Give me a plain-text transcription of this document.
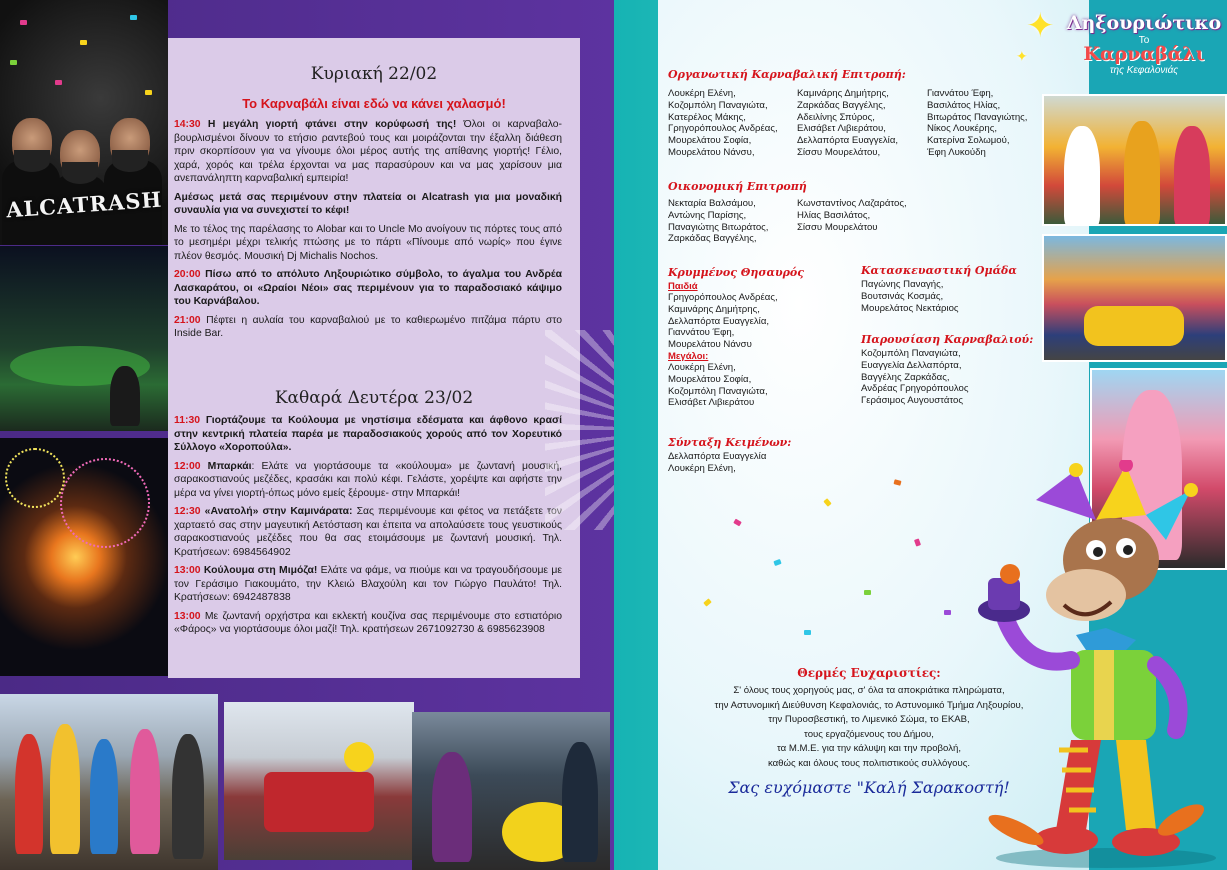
ALCATRASH
Κυριακή 22/02
Το Καρναβάλι είναι εδώ να κάνει χαλασμό!

14:30 Η μεγάλη γιορτή φτάνει στην κορύφωσή της! Όλοι οι καρναβαλο-βουρλισμένοι δίνουν το ετήσιο ραντεβού τους και μοιράζονται την έξαλλη διάθεση πριν σκορπίσουν για να γίνουμε όλοι μέρος αυτής της απίθανης γιορτής! Γέλιο, χαρά, χορός και τρέλα έρχονται να μας παρασύρουν και να μας χαρίσουν μια ανεπανάληπτη καρναβαλική εμπειρία!

Αμέσως μετά σας περιμένουν στην πλατεία οι Alcatrash για μια μοναδική συναυλία για να συνεχιστεί το κέφι!

Με το τέλος της παρέλασης το Alobar και το Uncle Mo ανοίγουν τις πόρτες τους από το μεσημέρι μέχρι τελικής πτώσης με το πάρτι «Πίνουμε από νωρίς» που έγινε πλέον θεσμός. Μουσική Dj Michalis Nochos.

20:00 Πίσω από το απόλυτο Ληξουριώτικο σύμβολο, το άγαλμα του Ανδρέα Λασκαράτου, οι «Ωραίοι Νέοι» σας περιμένουν για το παραδοσιακό κάψιμο του Καρνάβαλου.

21:00 Πέφτει η αυλαία του καρναβαλιού με το καθιερωμένο πιτζάμα πάρτυ στο Inside Bar.

Καθαρά Δευτέρα 23/02

11:30 Γιορτάζουμε τα Κούλουμα με νηστίσιμα εδέσματα και άφθονο κρασί στην κεντρική πλατεία παρέα με παραδοσιακούς χορούς από τον Χορευτικό Σύλλογο «Χοροπούλα».

12:00 Μπαρκάι: Ελάτε να γιορτάσουμε τα «κούλουμα» με ζωντανή μουσική, σαρακοστιανούς μεζέδες, κρασάκι και πολύ κέφι. Γελάστε, χορέψτε και αφήστε την μέρα να γίνει γιορτή-όπως μόνο εμείς ξέρουμε- στην Μπαρκάι!

12:30 «Ανατολή» στην Καμινάρατα: Σας περιμένουμε και φέτος να πετάξετε τον χαρταετό σας στην μαγευτική Αετόσταση και έπειτα να απολαύσετε τους γευστικούς σαρακοστιανούς μεζέδες που θα σας ετοιμάσουμε με ζωντανή μουσική. Τηλ. Κρατήσεων: 6984564902

13:00 Κούλουμα στη Μιμόζα! Ελάτε να φάμε, να πιούμε και να τραγουδήσουμε με τον Γεράσιμο Γιακουμάτο, την Κλειώ Βλαχούλη και τον Γιώργο Παυλάτο! Τηλ. Κρατήσεων: 6942487838

13:00 Με ζωντανή ορχήστρα και εκλεκτή κουζίνα σας περιμένουμε στο εστιατόριο «Φάρος» να γιορτάσουμε όλοι μαζί! Τηλ. κρατήσεων 2671092730 & 6985623908

✦
✦
Ληξουριώτικο
Το
Καρναβάλι
της Κεφαλονιάς
Οργανωτική Καρναβαλική Επιτροπή:
Λουκέρη Ελένη,
Κοζομπόλη Παναγιώτα,
Κατερέλος Μάκης,
Γρηγορόπουλος Ανδρέας,
Μουρελάτου Σοφία,
Μουρελάτου Νάνσυ,
Καμινάρης Δημήτρης,
Ζαρκάδας Βαγγέλης,
Αδειλίνης Σπύρος,
Ελισάβετ Λιβιεράτου,
Δελλαπόρτα Ευαγγελία,
Σίσσυ Μουρελάτου,
Γιαννάτου Έφη,
Βασιλάτος Ηλίας,
Βιτωράτος Παναγιώτης,
Νίκος Λουκέρης,
Κατερίνα Σολωμού,
Έφη Λυκούδη
Οικονομική Επιτροπή
Νεκταρία Βαλσάμου,
Αντώνης Παρίσης,
Παναγιώτης Βιτωράτος,
Ζαρκάδας Βαγγέλης,
Κωνσταντίνος Λαζαράτος,
Ηλίας Βασιλάτος,
Σίσσυ Μουρελάτου
Κρυμμένος Θησαυρός
Παιδιά
Γρηγορόπουλος Ανδρέας,
Καμινάρης Δημήτρης,
Δελλαπόρτα Ευαγγελία,
Γιαννάτου Έφη,
Μουρελάτου Νάνσυ
Μεγάλοι:
Λουκέρη Ελένη,
Μουρελάτου Σοφία,
Κοζομπόλη Παναγιώτα,
Ελισάβετ Λιβιεράτου
Σύνταξη Κειμένων:
Δελλαπόρτα Ευαγγελία
Λουκέρη Ελένη,
Κατασκευαστική Ομάδα
Παγώνης Παναγής,
Βουτσινάς Κοσμάς,
Μουρελάτος Νεκτάριος
Παρουσίαση Καρναβαλιού:
Κοζομπόλη Παναγιώτα,
Ευαγγελία Δελλαπόρτα,
Βαγγέλης Ζαρκάδας,
Ανδρέας Γρηγορόπουλος
Γεράσιμος Αυγουστάτος
Θερμές Ευχαριστίες:
Σ' όλους τους χορηγούς μας, σ' όλα τα αποκριάτικα πληρώματα,
την Αστυνομική Διεύθυνση Κεφαλονιάς, το Αστυνομικό Τμήμα Ληξουρίου,
την Πυροσβεστική, το Λιμενικό Σώμα, το ΕΚΑΒ,
τους εργαζόμενους του Δήμου,
τα Μ.Μ.Ε. για την κάλυψη και την προβολή,
καθώς και όλους τους πολιτιστικούς συλλόγους.
Σας ευχόμαστε "Καλή Σαρακοστή!
